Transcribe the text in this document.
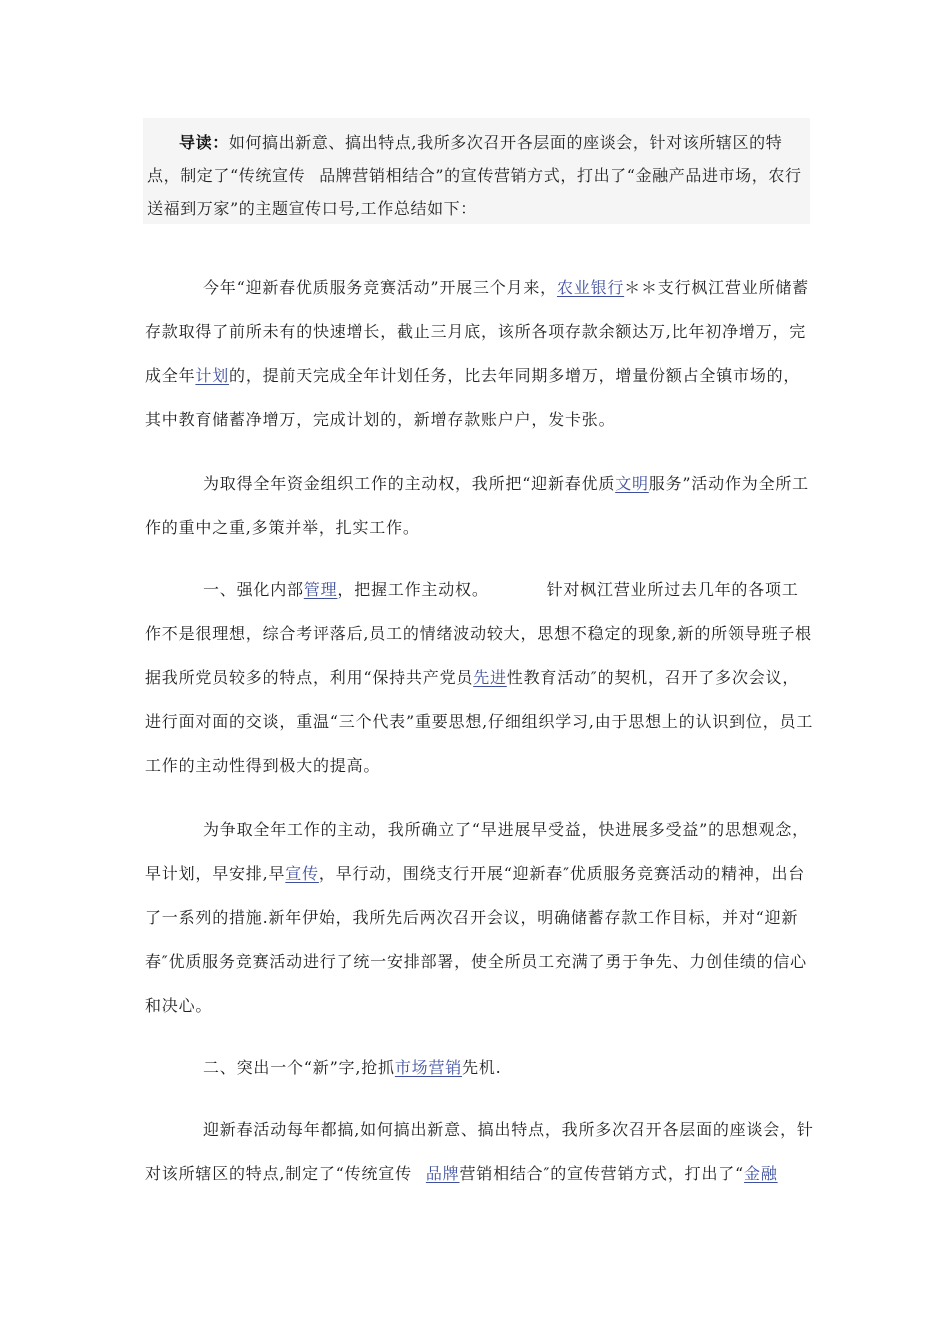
导读：如何搞出新意、搞出特点,我所多次召开各层面的座谈会，针对该所辖区的特点，制定了“传统宣传 品牌营销相结合”的宣传营销方式，打出了“金融产品进市场，农行送福到万家”的主题宣传口号,工作总结如下：

今年“迎新春优质服务竞赛活动”开展三个月来，农业银行＊＊支行枫江营业所储蓄存款取得了前所未有的快速增长，截止三月底，该所各项存款余额达万,比年初净增万，完成全年计划的，提前天完成全年计划任务，比去年同期多增万，增量份额占全镇市场的，其中教育储蓄净增万，完成计划的，新增存款账户户，发卡张。

为取得全年资金组织工作的主动权，我所把“迎新春优质文明服务”活动作为全所工作的重中之重,多策并举，扎实工作。

一、强化内部管理，把握工作主动权。	针对枫江营业所过去几年的各项工作不是很理想，综合考评落后,员工的情绪波动较大，思想不稳定的现象,新的所领导班子根据我所党员较多的特点，利用“保持共产党员先进性教育活动″的契机，召开了多次会议，进行面对面的交谈，重温“三个代表”重要思想,仔细组织学习,由于思想上的认识到位，员工工作的主动性得到极大的提高。

为争取全年工作的主动，我所确立了“早进展早受益，快进展多受益”的思想观念，早计划，早安排,早宣传，早行动，围绕支行开展“迎新春″优质服务竞赛活动的精神，出台了一系列的措施.新年伊始，我所先后两次召开会议，明确储蓄存款工作目标，并对“迎新春″优质服务竞赛活动进行了统一安排部署，使全所员工充满了勇于争先、力创佳绩的信心和决心。

二、突出一个“新”字,抢抓市场营销先机.

迎新春活动每年都搞,如何搞出新意、搞出特点，我所多次召开各层面的座谈会，针对该所辖区的特点,制定了“传统宣传 品牌营销相结合″的宣传营销方式，打出了“金融
